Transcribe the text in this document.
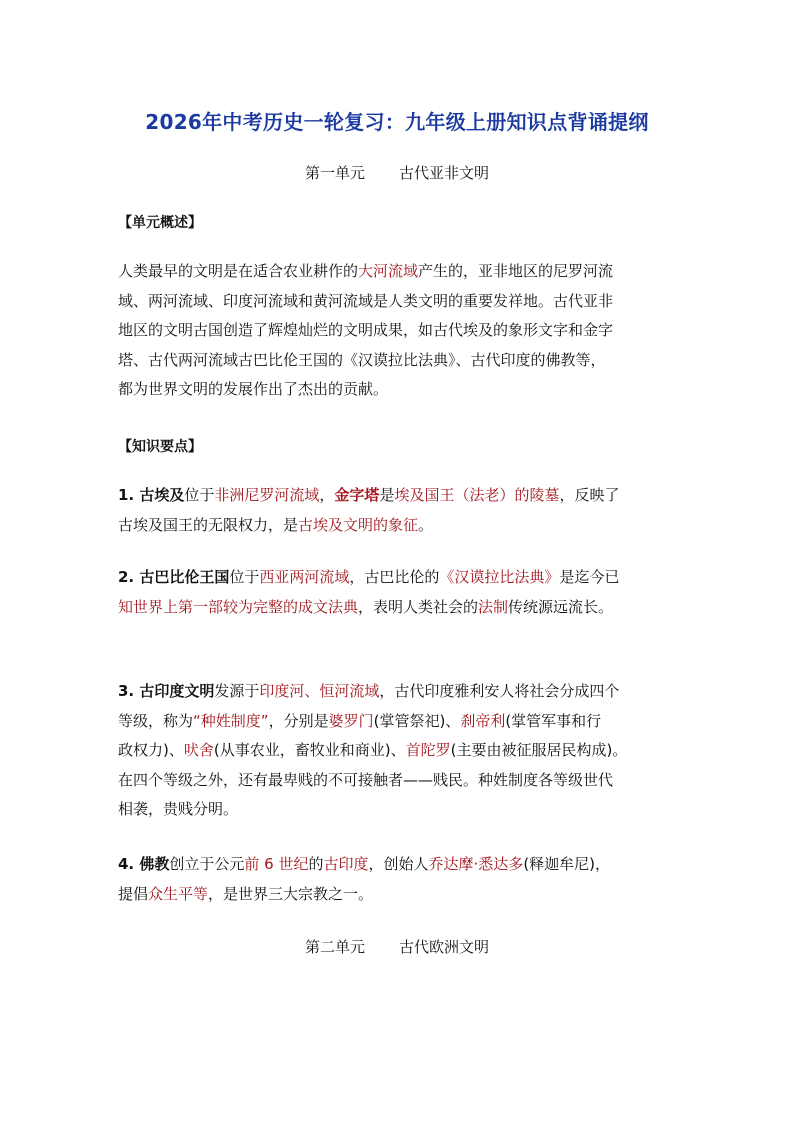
2026年中考历史一轮复习：九年级上册知识点背诵提纲
第一单元 古代亚非文明
【单元概述】
人类最早的文明是在适合农业耕作的大河流域产生的，亚非地区的尼罗河流
域、两河流域、印度河流域和黄河流域是人类文明的重要发祥地。古代亚非
地区的文明古国创造了辉煌灿烂的文明成果，如古代埃及的象形文字和金字
塔、古代两河流域古巴比伦王国的《汉谟拉比法典》、古代印度的佛教等，
都为世界文明的发展作出了杰出的贡献。
【知识要点】
1. 古埃及位于非洲尼罗河流域，金字塔是埃及国王（法老）的陵墓，反映了
古埃及国王的无限权力，是古埃及文明的象征。
2. 古巴比伦王国位于西亚两河流域，古巴比伦的《汉谟拉比法典》是迄今已
知世界上第一部较为完整的成文法典，表明人类社会的法制传统源远流长。
3. 古印度文明发源于印度河、恒河流域，古代印度雅利安人将社会分成四个
等级，称为“种姓制度”，分别是婆罗门(掌管祭祀)、刹帝利(掌管军事和行
政权力)、吠舍(从事农业，畜牧业和商业)、首陀罗(主要由被征服居民构成)。
在四个等级之外，还有最卑贱的不可接触者——贱民。种姓制度各等级世代
相袭，贵贱分明。
4. 佛教创立于公元前 6 世纪的古印度，创始人乔达摩·悉达多(释迦牟尼)，
提倡众生平等，是世界三大宗教之一。
第二单元 古代欧洲文明
